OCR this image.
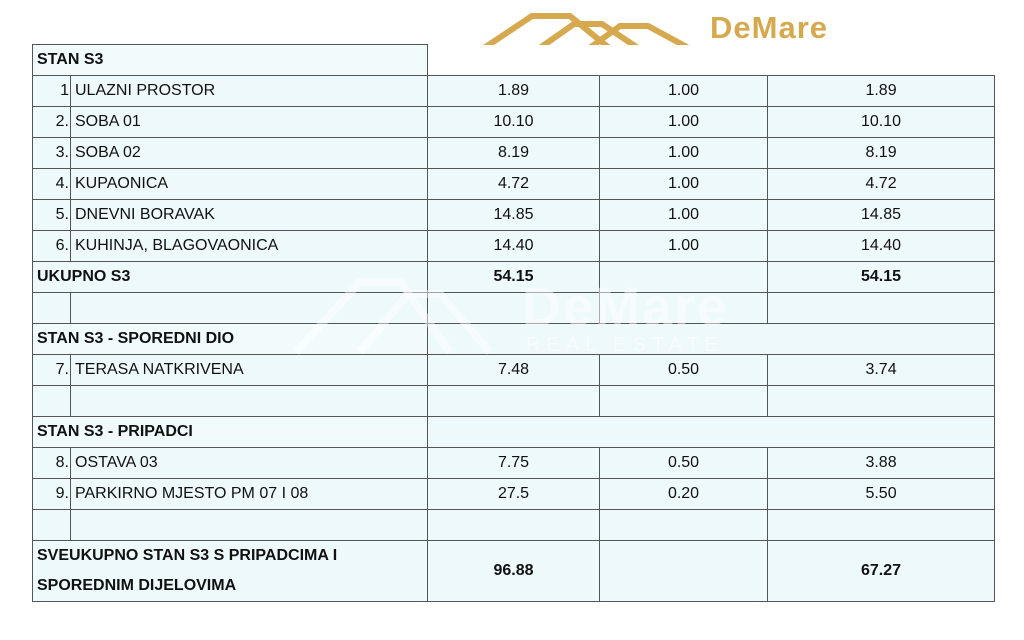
DeMare
STAN S3				
1	ULAZNI PROSTOR	1.89	1.00	1.89
2.	SOBA 01	10.10	1.00	10.10
3.	SOBA 02	8.19	1.00	8.19
4.	KUPAONICA	4.72	1.00	4.72
5.	DNEVNI BORAVAK	14.85	1.00	14.85
6.	KUHINJA, BLAGOVAONICA	14.40	1.00	14.40
UKUPNO S3		54.15		54.15

STAN S3 - SPOREDNI DIO				
7.	TERASA NATKRIVENA	7.48	0.50	3.74

STAN S3 - PRIPADCI				
8.	OSTAVA 03	7.75	0.50	3.88
9.	PARKIRNO MJESTO PM 07 I 08	27.5	0.20	5.50

SVEUKUPNO STAN S3 S PRIPADCIMA I
SPOREDNIM DIJELOVIMA		96.88		67.27
DeMare
REAL ESTATE
